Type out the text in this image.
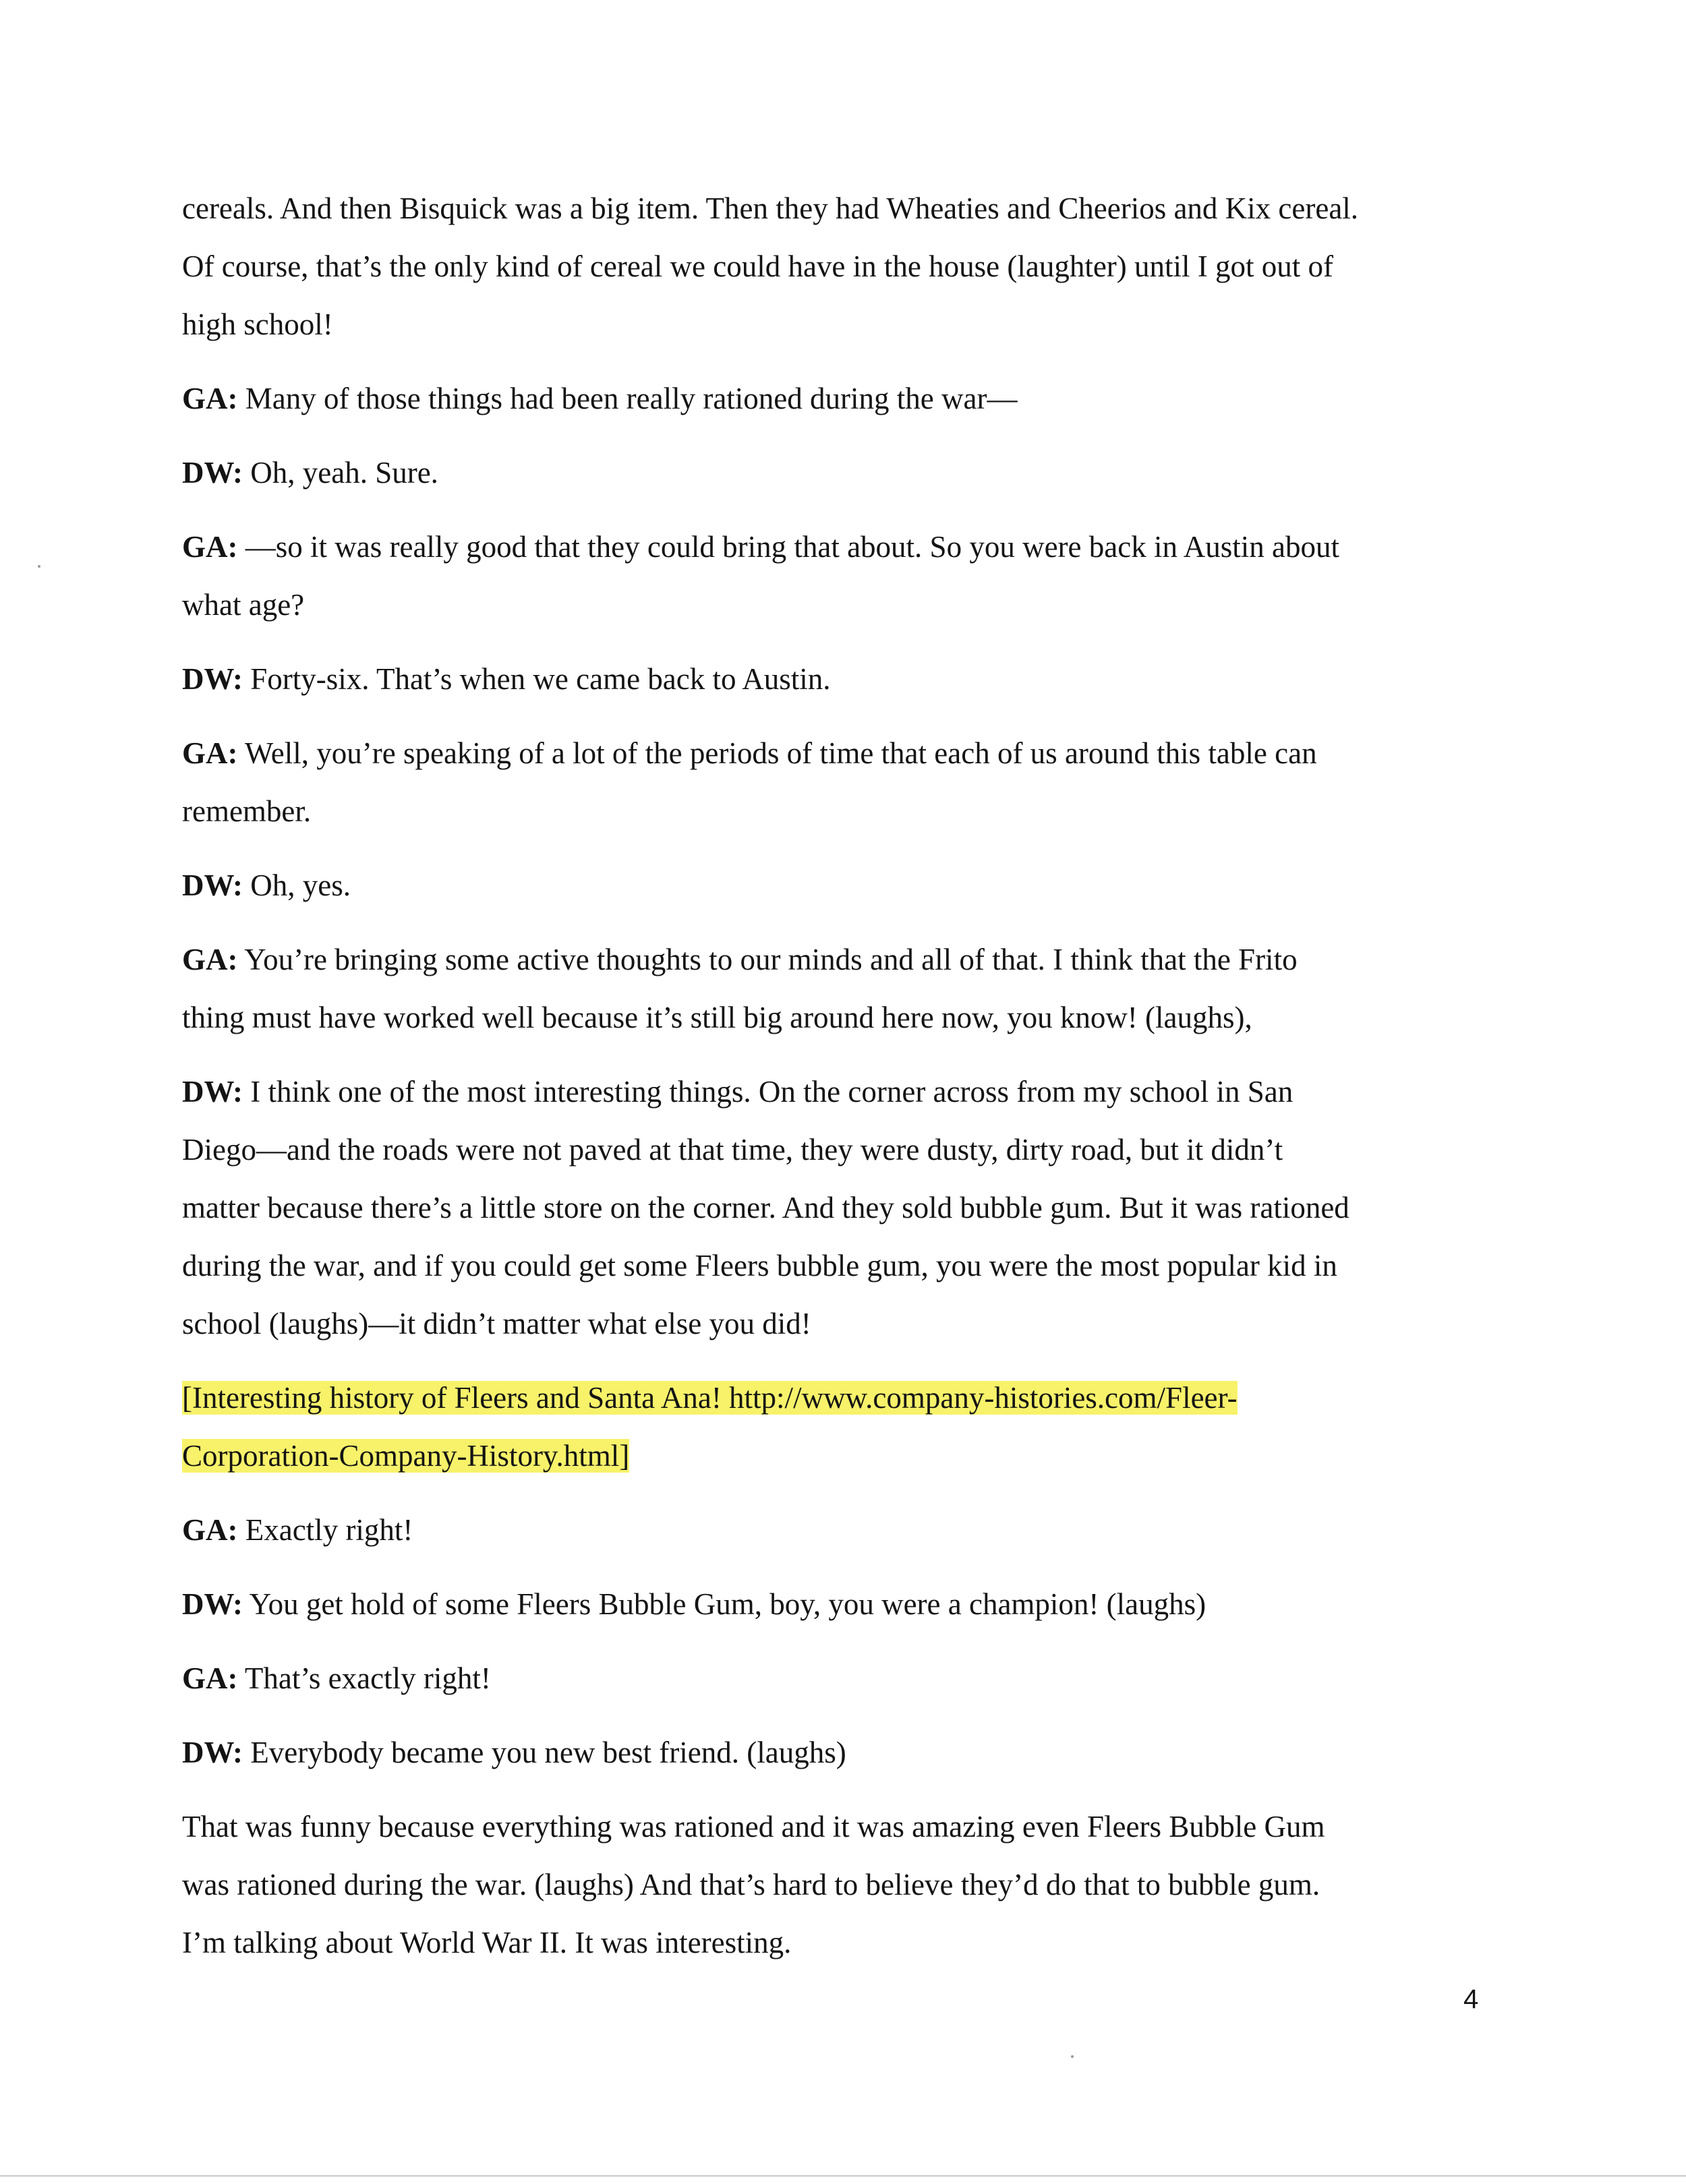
cereals. And then Bisquick was a big item. Then they had Wheaties and Cheerios and Kix cereal.
Of course, that’s the only kind of cereal we could have in the house (laughter) until I got out of
high school!

GA: Many of those things had been really rationed during the war—

DW: Oh, yeah. Sure.

GA: —so it was really good that they could bring that about. So you were back in Austin about
what age?

DW: Forty-six. That’s when we came back to Austin.

GA: Well, you’re speaking of a lot of the periods of time that each of us around this table can
remember.

DW: Oh, yes.

GA: You’re bringing some active thoughts to our minds and all of that. I think that the Frito
thing must have worked well because it’s still big around here now, you know! (laughs),

DW: I think one of the most interesting things. On the corner across from my school in San
Diego—and the roads were not paved at that time, they were dusty, dirty road, but it didn’t
matter because there’s a little store on the corner. And they sold bubble gum. But it was rationed
during the war, and if you could get some Fleers bubble gum, you were the most popular kid in
school (laughs)—it didn’t matter what else you did!

[Interesting history of Fleers and Santa Ana! http://www.company-histories.com/Fleer-
Corporation-Company-History.html]

GA: Exactly right!

DW: You get hold of some Fleers Bubble Gum, boy, you were a champion! (laughs)

GA: That’s exactly right!

DW: Everybody became you new best friend. (laughs)

That was funny because everything was rationed and it was amazing even Fleers Bubble Gum
was rationed during the war. (laughs) And that’s hard to believe they’d do that to bubble gum.
I’m talking about World War II. It was interesting.

4
